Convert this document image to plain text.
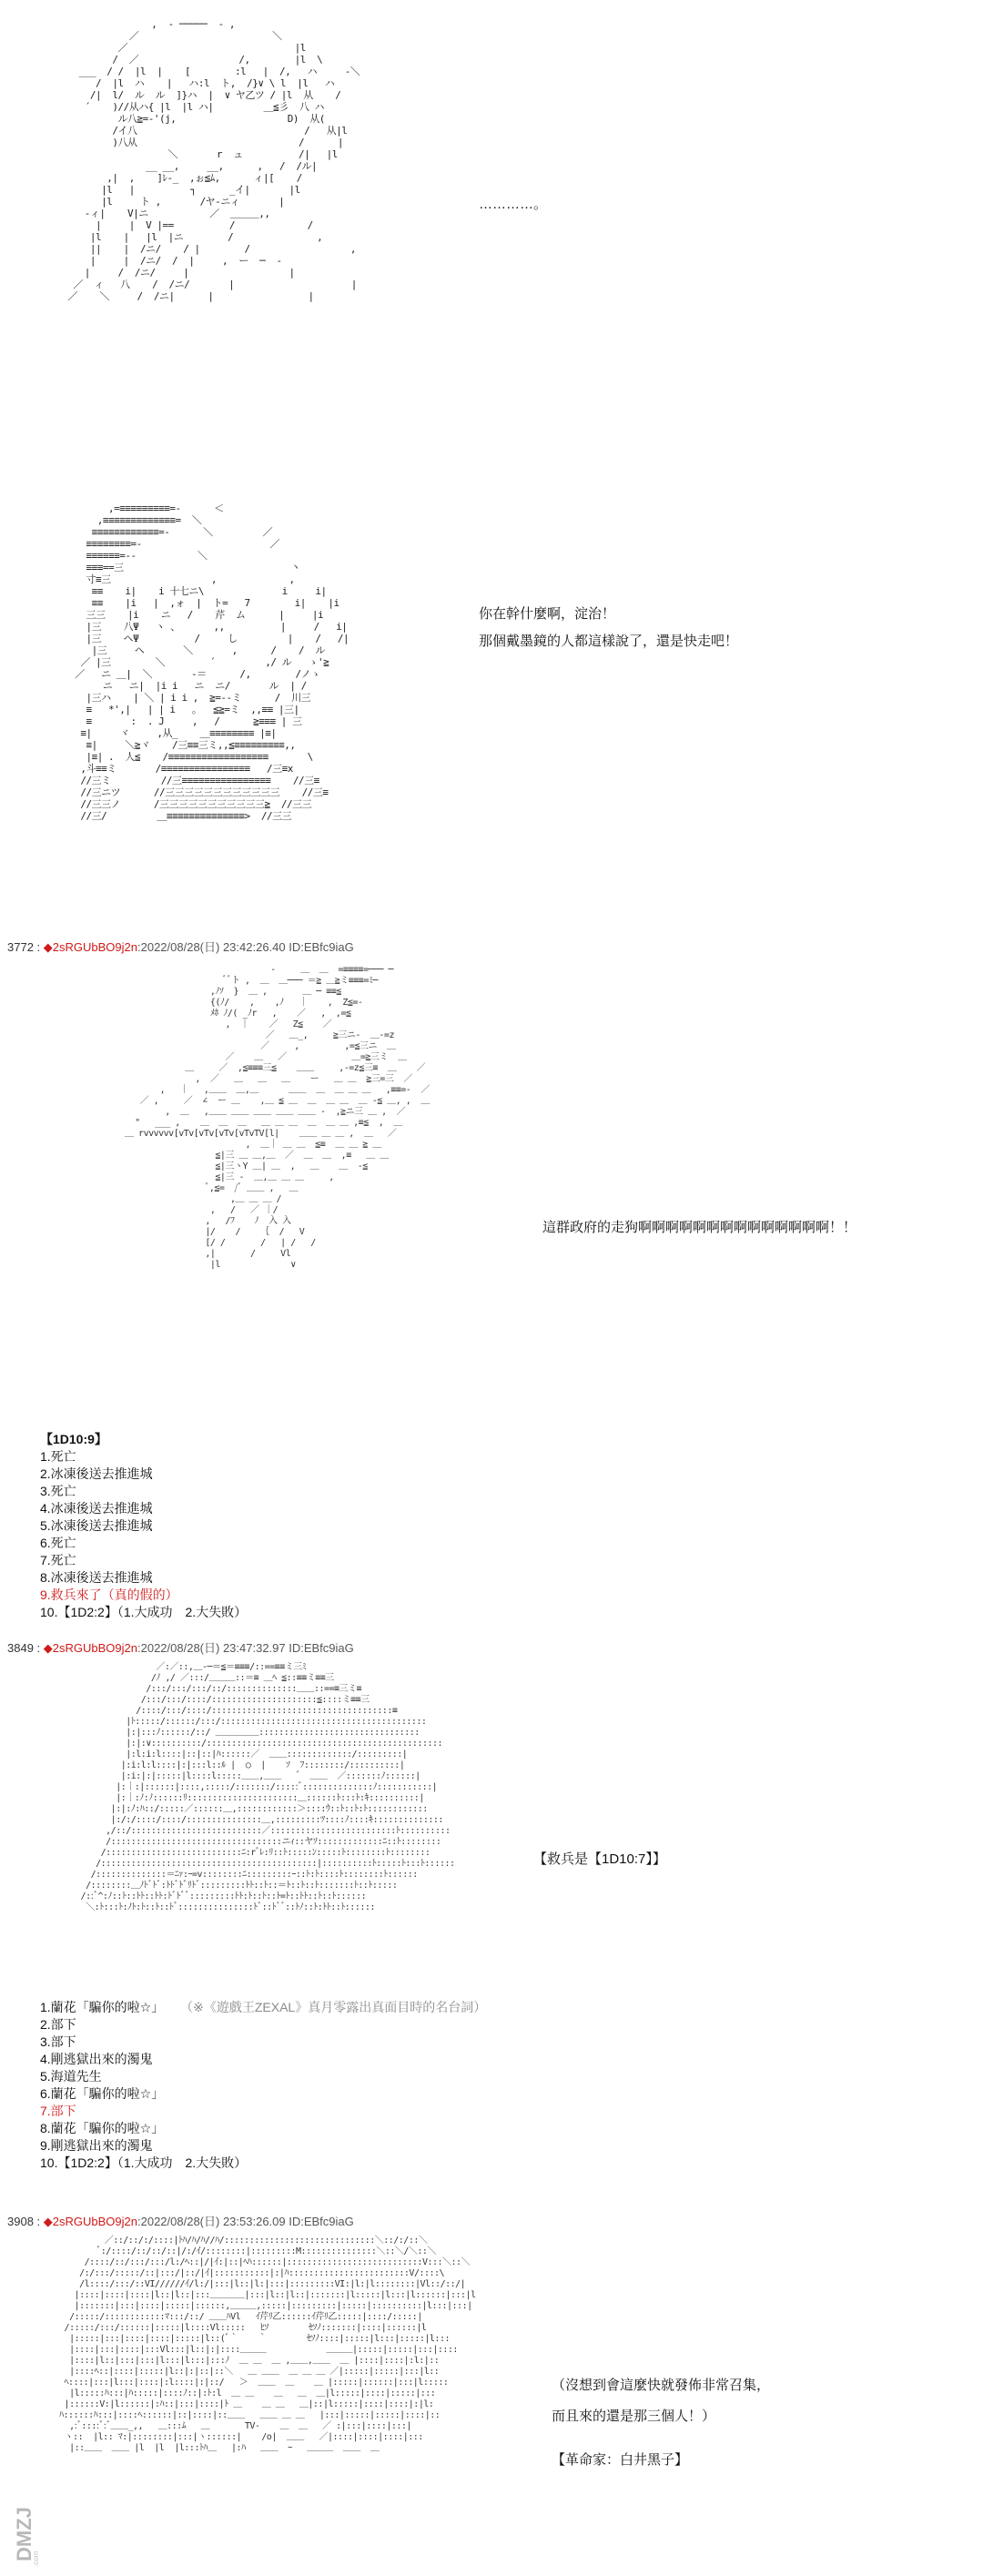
,  ‐ ─────  ‐ ,
／                        ＼
／                              |l
/  ／                  /,        |l  \
___  / /  |l  |    [        :l   |  /,   ハ     ‐＼
/  |l  ハ    |   ハ:l  ト,  /}∨ \ l  |l   ハ
/|  l/  ル  ル  ]}ハ  |  ∨ ヤ乙ツ / |l  从    /
´    )//从ハ{ |l  |l ハ|         ＿≦彡  八 ハ
ル八≧=-'(j,                    D)  从(
/イ八                              /   从|l
)八从                             /      |
＼       r  ュ          /|   |l
__ __,     __,      ,   /  /ル|
,|  ,    ]ﾚ‐_  ,ぉ≦ﾑ,      ィ|[    /
|l   |          ┐      _イ|       |l
|l     ト ,       /ヤ‐ニィ       |
‐ィ|    V|ニ           ／  ＿＿＿,,
|     |  V |==          /             /
|l    |   |l  |ニ        /               ,
||    |  /ニ/    / |        /                  ,
|     |  /ニ/  /  |     ,  ー  ─  ‐
|     /  /ニ/     |                  |
／  ィ   八    /  /ニ/       |                     |
／    ＼     /  /ニ|      |                 |
…………。
,=≡≡≡≡≡≡≡≡≡=-      ＜
,≡≡≡≡≡≡≡≡≡≡≡≡≡=  ＼
≡≡≡≡≡≡≡≡≡≡≡≡=-      ＼         ／
≡≡≡≡≡≡≡≡=-                       ／
≡≡≡≡≡≡=--           ＼
≡≡≡==三                              丶
寸≡三                  ,             ,
≡≡    i|    i 十七ニ\              i     i|
≡≡    |i   |  ,ォ  |  ト=   7        i|    |i
三三    |i    ニ   /    芹  ム      |     |i
|三    八Ψ   ヽ 、      ,,          |     /   i|
|三    ヘΨ          /     し         |    /   /|
|三     ヘ       ＼       ,      /    /  ル
／ |三        ＼        ´         ,/ ル   ゝ'≧
／   ニ ＿|  ＼       ‐＝      /,        /ノゝ
ニ   ニ|  |i i   ニ  ニ/       ル  | /
|三ハ    | ＼ | i i ,  ≧=-‐ミ      /  川三
≡   *',|   | | i   ｡   ≦≧=ミ  ,,≡≡ |三|
≡       :  . J     ,   /      ≧≡≡≡ | 三
≡|     ヾ     ,从_    ＿≡≡≡≡≡≡≡≡ |≡|
≡|     ＼≧ヾ    /三≡≡三ミ,,≦≡≡≡≡≡≡≡≡≡,,
|≡| .  人≦    /≡≡≡≡≡≡≡≡≡≡≡≡≡≡≡≡≡≡       \
,斗≡≡ミ       /≡≡≡≡≡≡≡≡≡≡≡≡≡≡≡≡   /三≡x
//三ミ         //三≡≡≡≡≡≡≡≡≡≡≡≡≡≡≡≡    //三≡
//三ニツ      //三三三三三三三三三三三三    //三≡
//三三ノ      /三三三三三三三三三三三≧  //三三
//三/         ＿≡≡≡≡≡≡≡≡≡≡≡≡≡≡>  //三三
你在幹什麼啊，淀治！
那個戴墨鏡的人都這樣說了，還是快走吧！
3772 : ◆2sRGUbBO9j2n:2022/08/28(日) 23:42:26.40 ID:EBfc9iaG
-     ＿  ＿  =≡≡≡≡=─── ─
ﾞﾞト ,  ＿  ＿─── ＝≧ ＿≧ミ≡≡≡=ﾐ─
,ﾉｿ  }  ＿ ,       ＿ ─ ≡≡≦
{(ﾉ/    ,    ,ﾉ   ｜    ,  Z≦=-
ﾒﾎ ﾉ/( _ﾉr   ,    ／   ,  ,=≦
,  ｜    ／   Z≦    ／
／   ＿_,     ≧三ニ-  ＿-=z
／     ,         ,=≦三ニ  ＿
／    ＿   ／             ＿=≧三ミ  ＿
＿     ／  ,≦≡≡≡三≦    ＿＿     ,-=z≦三≡  ＿    ／
,  ／   ＿   ＿   ＿    ー   ＿ ＿  ≧三=三  ／
,   ｜   ,＿＿  ＿,＿      ＿＿  ＿  ＿ ＿ ＿   ,≡≡=-  ／
／ ,     ／  ∠  ー ＿    ,＿ ≦ ＿  ＿  ＿ ＿  ＿ -≦ ＿, ,  ＿
,  ＿   ,＿＿ ＿＿ ＿＿ ＿＿ ＿＿ -  ,≧ニ三 ＿ ,  ／
"   ___ ,    ＿  ＿  ＿   ＿ ＿ ＿  ＿  ＿ ＿ ,≡≦  ,  ＿
＿ rvvvvvv[vTv[vTv[vTv[vTvTV[l|    ＿＿ ＿ ＿ ,  ＿   ／
,  ＿｜ ＿ ＿  ≦≡  ＿ ＿ ≧ ＿
≦|三 ＿ ＿,＿  ／  ＿  ＿  ,≡   ＿ ＿
≦|三ヽY ＿| ＿  ,   ＿    ＿  -≦
≦|三 -  ＿,＿ ＿ ＿     ,
ﾞ,≦=  /ﾞ ＿＿ ,   ＿
,＿ ＿ ＿ /
,   /   ／ ｜/
,   /ﾌ    ﾉ  入 入
|/    /    ｛  /   V
[/ /       /   | /   /
,|       /     Vl
|l              ∨
這群政府的走狗啊啊啊啊啊啊啊啊啊啊啊啊啊啊！！
【1D10:9】
1.死亡
2.冰凍後送去推進城
3.死亡
4.冰凍後送去推進城
5.冰凍後送去推進城
6.死亡
7.死亡
8.冰凍後送去推進城
9.救兵來了（真的假的）
10.【1D2:2】（1.大成功　2.大失敗）
3849 : ◆2sRGUbBO9j2n:2022/08/28(日) 23:47:32.97 ID:EBfc9iaG
／:／::,＿-─＝≦＝≡≡≡/::==≡≡ミ三ﾐ
/ﾉ ,/ ／:::/＿＿＿::＝≡ ＿ﾍ ≦::≡≡ミ≡≡三
/:::/:::/:::/::/::::::::::::::＿＿::==≡三ミ≡
/:::/:::/::::/:::::::::::::::::::::≦::::ミ≡≡三
/::::/:::/::::/::::::::::::::::::::::::::::::::::::≡
|ﾄ:::::/::::::/:::/:::::::::::::::::::::::::::::::::::::::::
|:|:::ﾉ::::::/::/ ＿＿＿＿＿::::::::::::::::::::::::::::::::
|:|:∨::::::::::/:::::::::::::::::::::::::::::::::::::::::::::::
|:l:i:l::::|::|::|ﾊ::::::／  ＿＿:::::::::::::/:::::::::|
|:i:l:l::::|:|:::l::ﾙ |  ○  |    ｿ  ﾌ::::::::/::::::::::|
|:i:|:|:::::|l::::l:::::＿＿,＿＿   ゛ ＿＿  ／:::::::ﾉ::::::|
|:｜:|::::::|::::,:::::/:::::::/:::::ﾞ::::::::::::::ﾉ:::::::::::|
|:｜:ﾉ:ﾉ::::::ﾘ::::::::::::::::::::::＿::::::ﾄ:::ﾄ:ｷ::::::::::|
|:|:ﾉ:ﾊ::/:::::／::::::＿,::::::::::::＞::::ｳ::ﾄ::ﾄ:ﾄ::::::::::::
|:/:/::::/::::/:::::::::::::::＿,:::::::::ﾂ::::ﾉ::::ｷ::::::::::::::
,/::/::::::::::::::::::::::::::／:::::::::::::::::::::::::ﾄ::::::::::
/::::::::::::::::::::::::::::::::::ニｨ::ヤｿ:::::::::::::ﾆ::ﾄ::::::::
/:::::::::::::::::::::::::::ﾆ:rﾞﾚ:ﾘ::ﾄ:::::ﾝ:::::ﾄ::::::::ﾄ::::::::
/:::::::::::::::::::::::::::::::::::::::::::|::::::::::ﾄ:::::ﾄ:::ﾄ::::::
/::::::::::::::＝ﾆｧ:ｰ=v::::::::ﾆ:::::::::ｰ::ﾄ:ﾄ::::ﾄ::::::::ﾄ::::::
/::::::::＿ﾉﾄﾞﾄﾞ:ﾄﾄﾞﾄﾞﾘﾄﾞ:::::::::ﾄﾄ::ﾄ::＝ﾄ::ﾄ::ﾄ:::::::ﾄ::ﾄ:::::
/::ﾞ^:ﾉ::ﾄ::ﾄﾄ::ﾄﾄ:ﾄﾞﾄﾞﾞ:::::::::ﾄﾄ:ﾄ::ﾄ::ﾄ=ﾄ::ﾄﾄ::ﾄ::ﾄ::::::
＼:ﾄ:::ﾄ:ﾉﾄ:ﾄ::ﾄ::ﾄﾞ:::::::::::::::ﾄﾞ::ﾄﾞﾞ::ﾄﾉ::ﾄ:ﾄﾄ::ﾄ::::::
【救兵是【1D10:7】】
1.蘭花「騙你的啦☆」 （※《遊戲王ZEXAL》真月零露出真面目時的名台詞）
2.部下
3.部下
4.剛逃獄出來的濁鬼
5.海道先生
6.蘭花「騙你的啦☆」
7.部下
8.蘭花「騙你的啦☆」
9.剛逃獄出來的濁鬼
10.【1D2:2】（1.大成功　2.大失敗）
3908 : ◆2sRGUbBO9j2n:2022/08/28(日) 23:53:26.09 ID:EBfc9iaG
／::/::/:/::::|ﾄﾊ/ﾊ/ﾊ//ﾊ/::::::::::::::::::::::::::::::＼::/:/::＼
ﾞ:/::::/::/::/::|/:/ｲ/::::::::|:::::::::M:::::::::::::::＼::＼/＼::＼
/::::/::/:::/:::/l:/ﾍ::|/|ｲ:|::|ﾍﾊ::::::|:::::::::::::::::::::::::::V:::＼::＼
/:/:::/:::::/::|:::/|::/|ｲ|:::::::::::|:|ﾊ::::::::::::::::::::::::V/::::\
/l::::/:::/::VI//////ｲ/l:/|:::|l::|l:|:::|:::::::::VI:|l:|l::::::::|Vl::/::/|
|::::|::::|::::|l::|l::|:::＿＿＿＿|:::|l::|l::|:::::::|l:::::|l:::|l::::::|:::|l
|:::::::|:::|::::|:::::|::::::,＿＿＿,:::::|:::::::::|:::::|::::::::::|l:::|:::|
/:::::/::::::::::::ﾏ:::/::/ ＿＿ﾊVl   ｲ芹ﾘ乙::::::ｲ芹ﾘ乙:::::|::::/:::::|
/:::::/:::/::::::|:::::|l::::Vl:::::   ﾋｿ        ｾｿﾉ:::::::|::::|::::::|l
|:::::|:::|::::|::::|:::::|l::(ﾞ｀    ｀        ｾｿﾉ::::|:::::|l:::|:::::|l:::
|::::|:::|::::|:::Vl:::|l::|:|::::＿＿＿            ＿＿＿|:::::|:::::|:::|::::
|::::|l::|:::|:::|l:::|l:::|:::ﾉ  ＿ ＿  ＿ ,＿＿,＿＿  ＿ |::::|::::|:l:|::
|::::ﾍ::|::::|:::::|l::|:|::|::＼   ＿ ＿＿  ＿ ＿ ＿ ／|:::::|:::::|:::|l::
ﾍ::::|:::|l:::|::::|:l::::|:|::/   ＞  ＿＿  ＿    ＿ |:::::|::::::|:::|l:::::
|l:::::ﾊ:::|ﾊ:::::|::::ﾉ::|:ﾄ:l  ＿ ＿    ＿   ＿  ＿|l:::::|::::|:::::|:::
|::::::V:|l::::::|:ﾊ::|:::|::::|ﾄ ＿    ＿ ＿   ＿|::|l:::::|::::|::::|:|l:
ﾊ::::::ﾊ:::|::::ﾍ::::::|::|::::|::＿＿   ＿＿ ＿ ＿   |:::|:::::|:::::|::::|::
,:ﾞ::::ﾞ:ﾞ＿＿_,,   ＿:::ﾑ   ＿       TV-    ＿  ＿   ／ :|:::|::::|:::|
ヽ::  |l:: ﾏ:|::::::::|:::|ヽ::::::|    /o|  ＿＿   ／|::::|::::|::::|:::
|::＿＿  ＿＿ |l  |l  |l:::ﾄﾊ＿   |:ﾊ   ＿＿  ｰ   ＿＿＿  ＿＿  ＿
（沒想到會這麼快就發佈非常召集，
而且來的還是那三個人！）
【革命家：白井黑子】
DMZJ
.com
